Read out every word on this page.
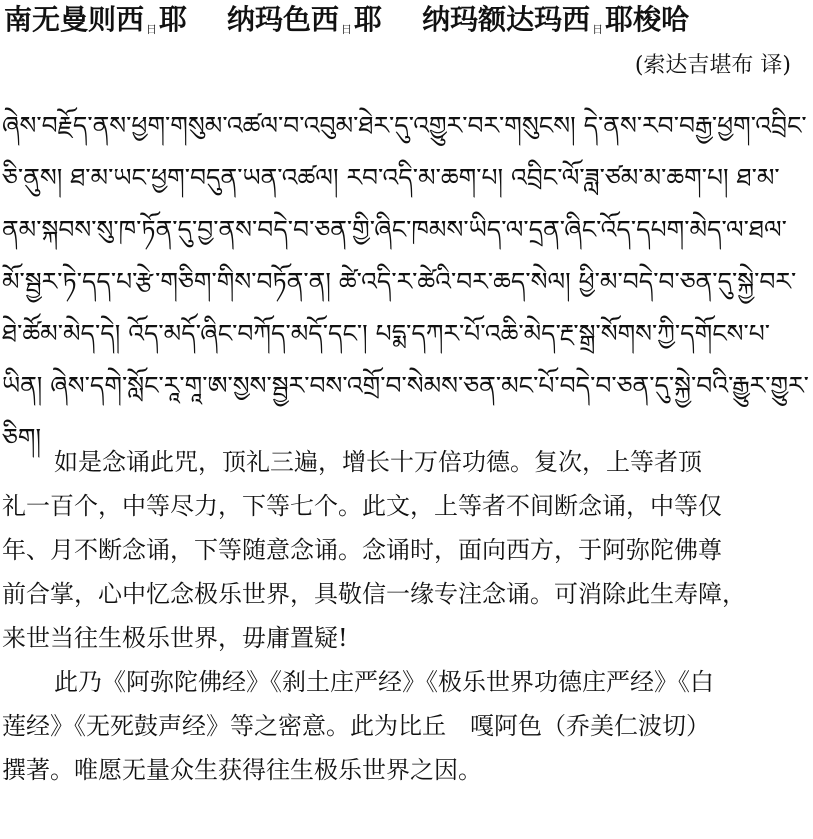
南无曼则西 日 耶 纳玛色西 日 耶 纳玛额达玛西 日 耶梭哈
(索达吉堪布 译)
ཞེས་བརྗོད་ནས་ཕྱག་གསུམ་འཚལ་བ་འབུམ་ཐེར་དུ་འགྱུར་བར་གསུངས། དེ་ནས་རབ་བརྒྱ་ཕྱག་འབྲིང་
ཅི་ནུས། ཐ་མ་ཡང་ཕྱག་བདུན་ཡན་འཚལ། རབ་འདི་མ་ཆག་པ། འབྲིང་ལོ་ཟླ་ཙམ་མ་ཆག་པ། ཐ་མ་
ནམ་སྐབས་སུ་ཁ་ཏོན་དུ་བྱ་ནས་བདེ་བ་ཅན་གྱི་ཞིང་ཁམས་ཡིད་ལ་དྲན་ཞིང་འོད་དཔག་མེད་ལ་ཐལ་
མོ་སྦྱར་ཏེ་དད་པ་རྩེ་གཅིག་གིས་བཏོན་ན། ཚེ་འདི་ར་ཚེའི་བར་ཆད་སེལ། ཕྱི་མ་བདེ་བ་ཅན་དུ་སྐྱེ་བར་
ཐེ་ཚོམ་མེད་དེ། འོད་མདོ་ཞིང་བཀོད་མདོ་དང་། པདྨ་དཀར་པོ་འཆི་མེད་རྔ་སྒྲ་སོགས་ཀྱི་དགོངས་པ་
ཡིན། ཞེས་དགེ་སློང་རཱ་གཱ་ཨ་སྱས་སྦྱར་བས་འགྲོ་བ་སེམས་ཅན་མང་པོ་བདེ་བ་ཅན་དུ་སྐྱེ་བའི་རྒྱུར་གྱུར་
ཅིག།
如是念诵此咒，顶礼三遍，增长十万倍功德。复次，上等者顶
礼一百个，中等尽力，下等七个。此文，上等者不间断念诵，中等仅
年、月不断念诵，下等随意念诵。念诵时，面向西方，于阿弥陀佛尊
前合掌，心中忆念极乐世界，具敬信一缘专注念诵。可消除此生寿障，
来世当往生极乐世界，毋庸置疑!
此乃《阿弥陀佛经》《刹土庄严经》《极乐世界功德庄严经》《白
莲经》《无死鼓声经》等之密意。此为比丘　嘎阿色（乔美仁波切）
撰著。唯愿无量众生获得往生极乐世界之因。
